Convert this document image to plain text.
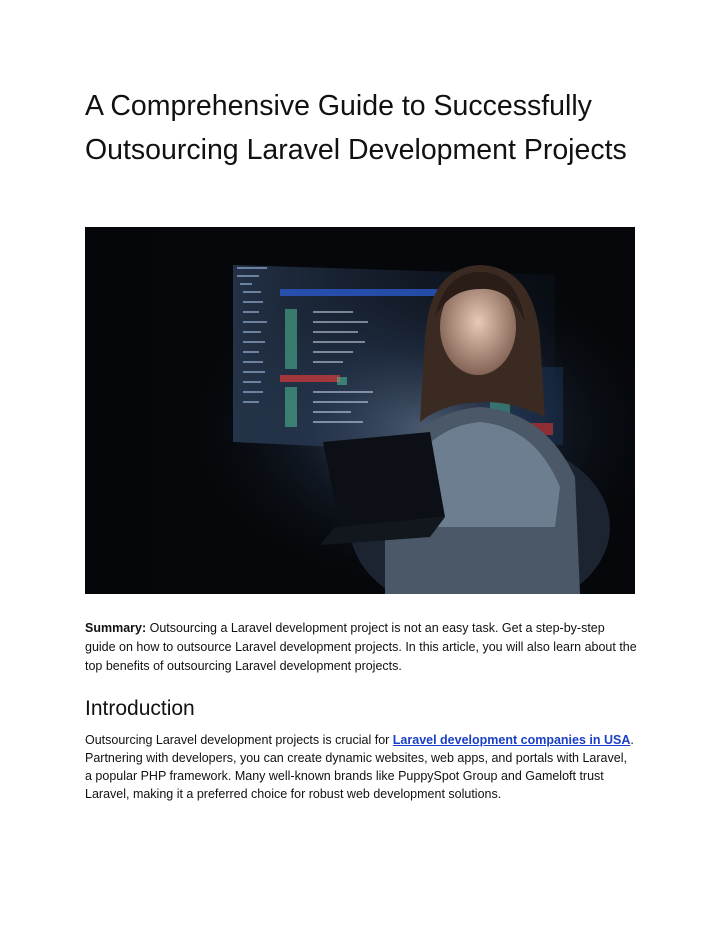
A Comprehensive Guide to Successfully Outsourcing Laravel Development Projects

Summary: Outsourcing a Laravel development project is not an easy task. Get a step-by-step guide on how to outsource Laravel development projects. In this article, you will also learn about the top benefits of outsourcing Laravel development projects.

Introduction

Outsourcing Laravel development projects is crucial for Laravel development companies in USA. Partnering with developers, you can create dynamic websites, web apps, and portals with Laravel, a popular PHP framework. Many well-known brands like PuppySpot Group and Gameloft trust Laravel, making it a preferred choice for robust web development solutions.
